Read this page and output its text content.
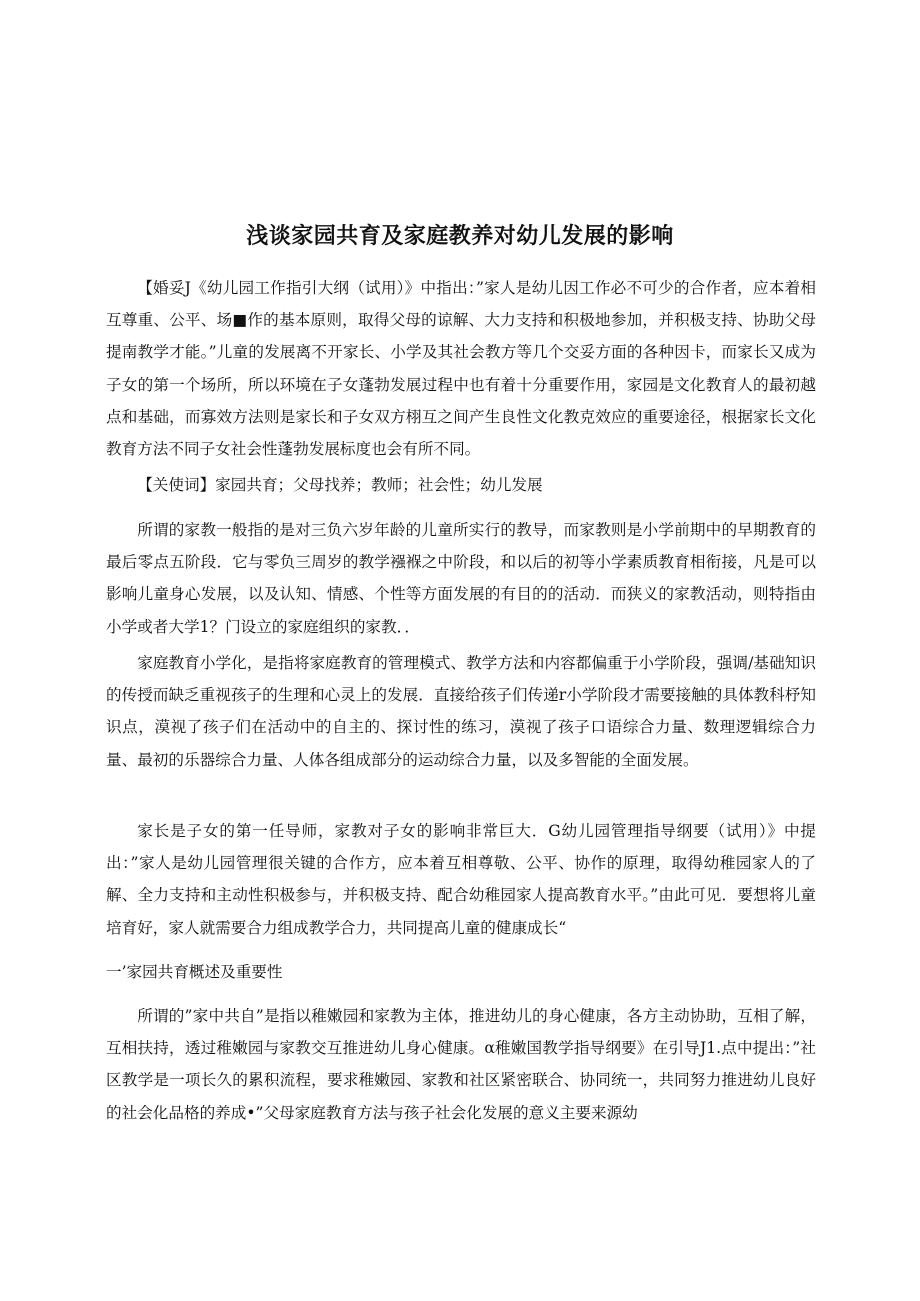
浅谈家园共育及家庭教养对幼儿发展的影响

【婚妥J《幼儿园工作指引大纲（试用）》中指出：”家人是幼儿因工作必不可少的合作者，应本着相互尊重、公平、场■作的基本原则，取得父母的谅解、大力支持和积极地参加，并积极支持、协助父母提南教学才能。”儿童的发展离不开家长、小学及其社会教方等几个交妥方面的各种因卡，而家长又成为子女的第一个场所，所以环境在子女蓬勃发展过程中也有着十分重要作用，家园是文化教育人的最初越点和基础，而寡效方法则是家长和子女双方栩互之间产生良性文化教克效应的重要途径，根据家长文化教育方法不同子女社会性蓬勃发展标度也会有所不同。

【关使词】家园共育；父母找养；教师；社会性；幼儿发展

所谓的家教一般指的是对三负六岁年龄的儿童所实行的教导，而家教则是小学前期中的早期教育的最后零点五阶段．它与零负三周岁的教学襁褓之中阶段，和以后的初等小学素质教育相衔接，凡是可以影响儿童身心发展，以及认知、情感、个性等方面发展的有目的的活动．而狭义的家教活动，则特指由小学或者大学1？门设立的家庭组织的家教．．

家庭教育小学化，是指将家庭教育的管理模式、教学方法和内容都偏重于小学阶段，强调/基础知识的传授而缺乏重视孩子的生理和心灵上的发展．直接给孩子们传递r小学阶段才需要接触的具体教科杼知识点，漠视了孩子们在活动中的自主的、探讨性的练习，漠视了孩子口语综合力量、数理逻辑综合力量、最初的乐器综合力量、人体各组成部分的运动综合力量，以及多智能的全面发展。

家长是子女的第一任导师，家教对子女的影响非常巨大．G幼儿园管理指导纲要（试用）》中提出：”家人是幼儿园管理很关键的合作方，应本着互相尊敬、公平、协作的原理，取得幼稚园家人的了解、全力支持和主动性积极参与，并积极支持、配合幼稚园家人提高教育水平。”由此可见．要想将儿童培育好，家人就需要合力组成教学合力，共同提高儿童的健康成长“

一’家园共育概述及重要性

所谓的”家中共自”是指以稚嫩园和家教为主体，推进幼儿的身心健康，各方主动协助，互相了解，互相扶持，透过稚嫩园与家教交互推进幼儿身心健康。α稚嫩国教学指导纲要》在引导J1.点中提出：”社区教学是一项长久的累积流程，要求稚嫩园、家教和社区紧密联合、协同统一，共同努力推进幼儿良好的社会化品格的养成•”父母家庭教育方法与孩子社会化发展的意义主要来源幼
